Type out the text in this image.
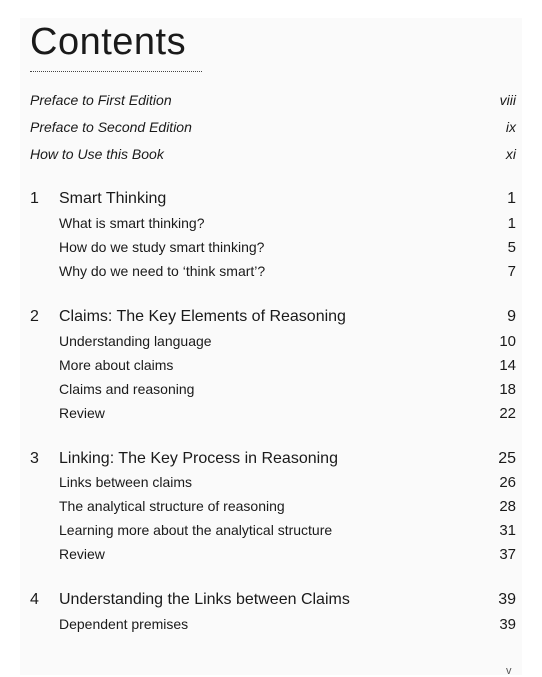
Contents
Preface to First Edition	viii
Preface to Second Edition	ix
How to Use this Book	xi
1	Smart Thinking	1
What is smart thinking?	1
How do we study smart thinking?	5
Why do we need to ‘think smart’?	7
2	Claims: The Key Elements of Reasoning	9
Understanding language	10
More about claims	14
Claims and reasoning	18
Review	22
3	Linking: The Key Process in Reasoning	25
Links between claims	26
The analytical structure of reasoning	28
Learning more about the analytical structure	31
Review	37
4	Understanding the Links between Claims	39
Dependent premises	39
v
